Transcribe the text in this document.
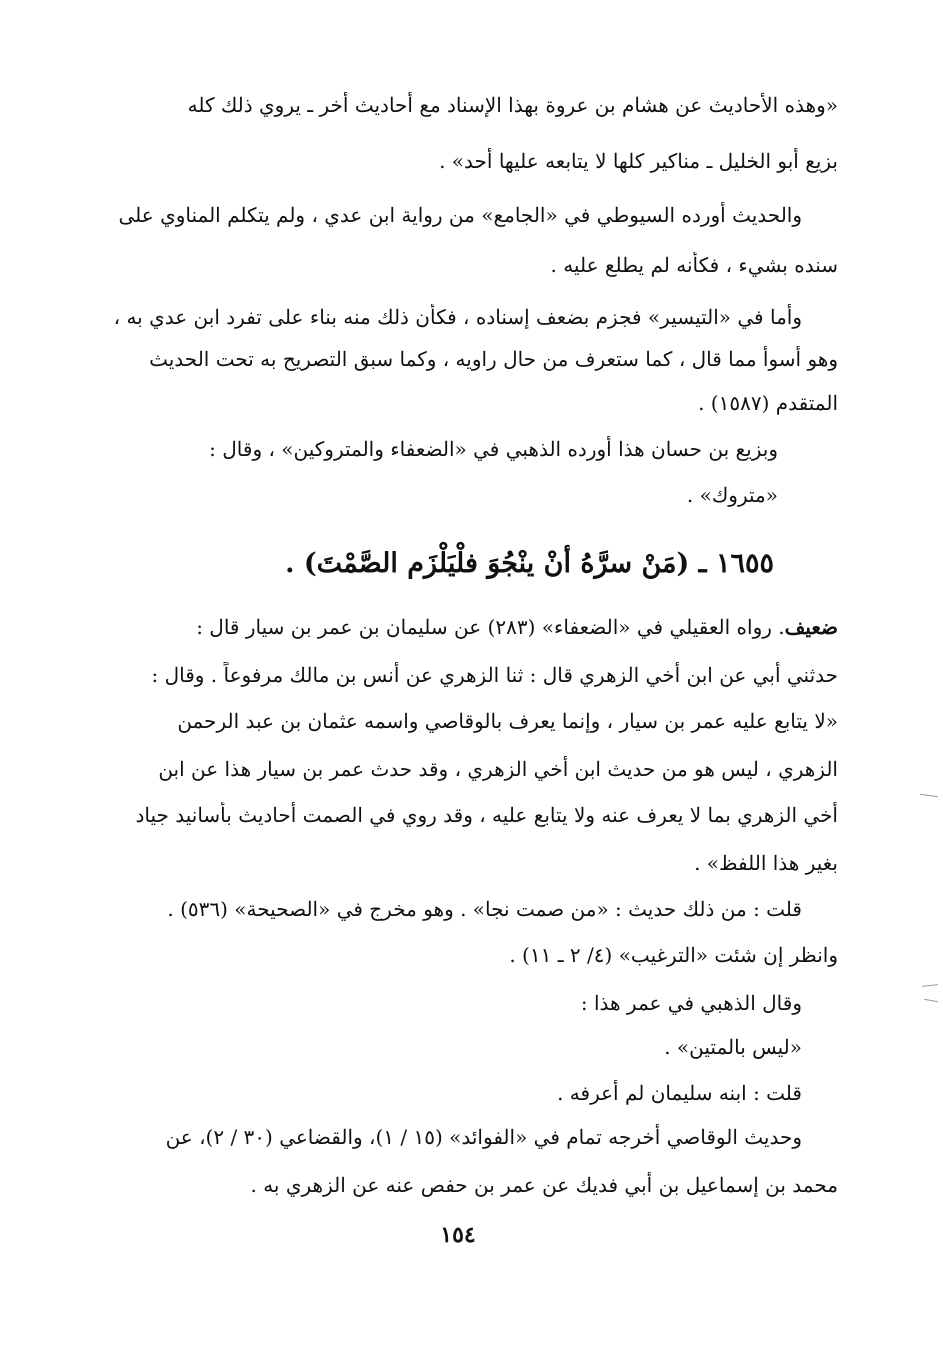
«وهذه الأحاديث عن هشام بن عروة بهذا الإسناد مع أحاديث أخر ـ يروي ذلك كله

بزيع أبو الخليل ـ مناكير كلها لا يتابعه عليها أحد» .

والحديث أورده السيوطي في «الجامع» من رواية ابن عدي ، ولم يتكلم المناوي على

سنده بشيء ، فكأنه لم يطلع عليه .

وأما في «التيسير» فجزم بضعف إسناده ، فكأن ذلك منه بناء على تفرد ابن عدي به ،

وهو أسوأ مما قال ، كما ستعرف من حال راويه ، وكما سبق التصريح به تحت الحديث

المتقدم (١٥٨٧) .

وبزيع بن حسان هذا أورده الذهبي في «الضعفاء والمتروكين» ، وقال :

«متروك» .

١٦٥٥ ـ (مَنْ سرَّهُ أنْ ينْجُوَ فلْيَلْزَم الصَّمْتَ) .

ضعيف. رواه العقيلي في «الضعفاء» (٢٨٣) عن سليمان بن عمر بن سيار قال :

حدثني أبي عن ابن أخي الزهري قال : ثنا الزهري عن أنس بن مالك مرفوعاً . وقال :

«لا يتابع عليه عمر بن سيار ، وإنما يعرف بالوقاصي واسمه عثمان بن عبد الرحمن

الزهري ، ليس هو من حديث ابن أخي الزهري ، وقد حدث عمر بن سيار هذا عن ابن

أخي الزهري بما لا يعرف عنه ولا يتابع عليه ، وقد روي في الصمت أحاديث بأسانيد جياد

بغير هذا اللفظ» .

قلت : من ذلك حديث : «من صمت نجا» . وهو مخرج في «الصحيحة» (٥٣٦) .

وانظر إن شئت «الترغيب» (٤/ ٢ ـ ١١) .

وقال الذهبي في عمر هذا :

«ليس بالمتين» .

قلت : ابنه سليمان لم أعرفه .

وحديث الوقاصي أخرجه تمام في «الفوائد» (١٥ / ١)، والقضاعي (٣٠ / ٢)، عن

محمد بن إسماعيل بن أبي فديك عن عمر بن حفص عنه عن الزهري به .

١٥٤
